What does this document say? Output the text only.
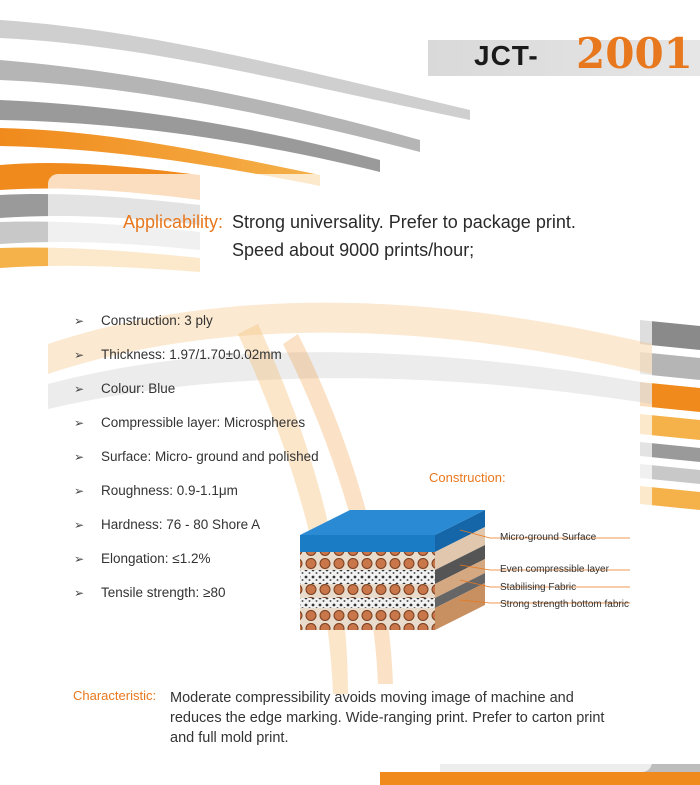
JCT- 2001
Applicability: Strong universality. Prefer to package print.
Speed about 9000 prints/hour;
➢	Construction: 3 ply
➢	Thickness: 1.97/1.70±0.02mm
➢	Colour: Blue
➢	Compressible layer: Microspheres
➢	Surface: Micro- ground and polished
➢	Roughness: 0.9-1.1μm
➢	Hardness: 76 - 80 Shore A
➢	Elongation: ≤1.2%
➢	Tensile strength: ≥80
Construction:
Micro-ground Surface
Even compressible layer
Stabilising Fabric
Strong strength bottom fabric
Characteristic: Moderate compressibility avoids moving image of machine and reduces the edge marking. Wide-ranging print. Prefer to carton print and full mold print.
